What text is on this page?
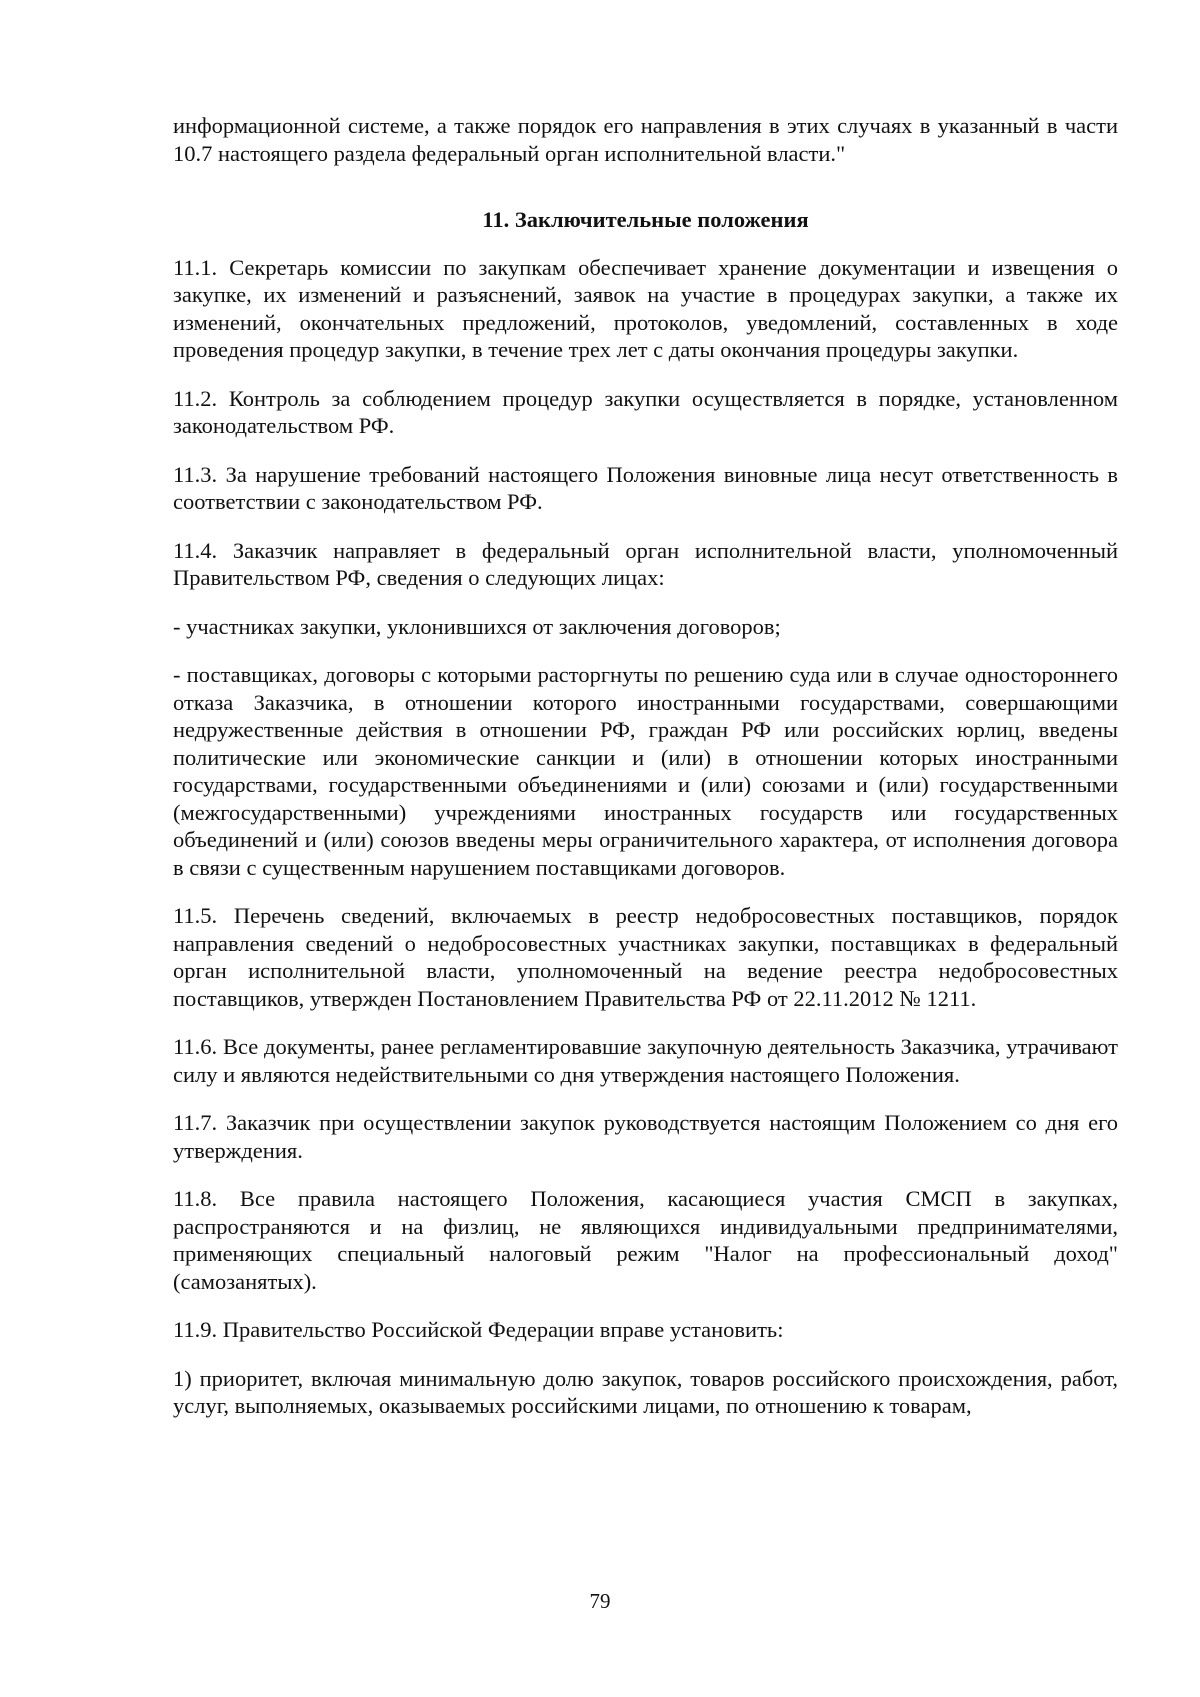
информационной системе, а также порядок его направления в этих случаях в указанный в части 10.7 настоящего раздела федеральный орган исполнительной власти."

11. Заключительные положения

11.1. Секретарь комиссии по закупкам обеспечивает хранение документации и извещения о закупке, их изменений и разъяснений, заявок на участие в процедурах закупки, а также их изменений, окончательных предложений, протоколов, уведомлений, составленных в ходе проведения процедур закупки, в течение трех лет с даты окончания процедуры закупки.

11.2. Контроль за соблюдением процедур закупки осуществляется в порядке, установленном законодательством РФ.

11.3. За нарушение требований настоящего Положения виновные лица несут ответственность в соответствии с законодательством РФ.

11.4. Заказчик направляет в федеральный орган исполнительной власти, уполномоченный Правительством РФ, сведения о следующих лицах:

- участниках закупки, уклонившихся от заключения договоров;

- поставщиках, договоры с которыми расторгнуты по решению суда или в случае одностороннего отказа Заказчика, в отношении которого иностранными государствами, совершающими недружественные действия в отношении РФ, граждан РФ или российских юрлиц, введены политические или экономические санкции и (или) в отношении которых иностранными государствами, государственными объединениями и (или) союзами и (или) государственными (межгосударственными) учреждениями иностранных государств или государственных объединений и (или) союзов введены меры ограничительного характера, от исполнения договора в связи с существенным нарушением поставщиками договоров.

11.5. Перечень сведений, включаемых в реестр недобросовестных поставщиков, порядок направления сведений о недобросовестных участниках закупки, поставщиках в федеральный орган исполнительной власти, уполномоченный на ведение реестра недобросовестных поставщиков, утвержден Постановлением Правительства РФ от 22.11.2012 № 1211.

11.6. Все документы, ранее регламентировавшие закупочную деятельность Заказчика, утрачивают силу и являются недействительными со дня утверждения настоящего Положения.

11.7. Заказчик при осуществлении закупок руководствуется настоящим Положением со дня его утверждения.

11.8. Все правила настоящего Положения, касающиеся участия СМСП в закупках, распространяются и на физлиц, не являющихся индивидуальными предпринимателями, применяющих специальный налоговый режим "Налог на профессиональный доход" (самозанятых).

11.9. Правительство Российской Федерации вправе установить:

1) приоритет, включая минимальную долю закупок, товаров российского происхождения, работ, услуг, выполняемых, оказываемых российскими лицами, по отношению к товарам,

79
